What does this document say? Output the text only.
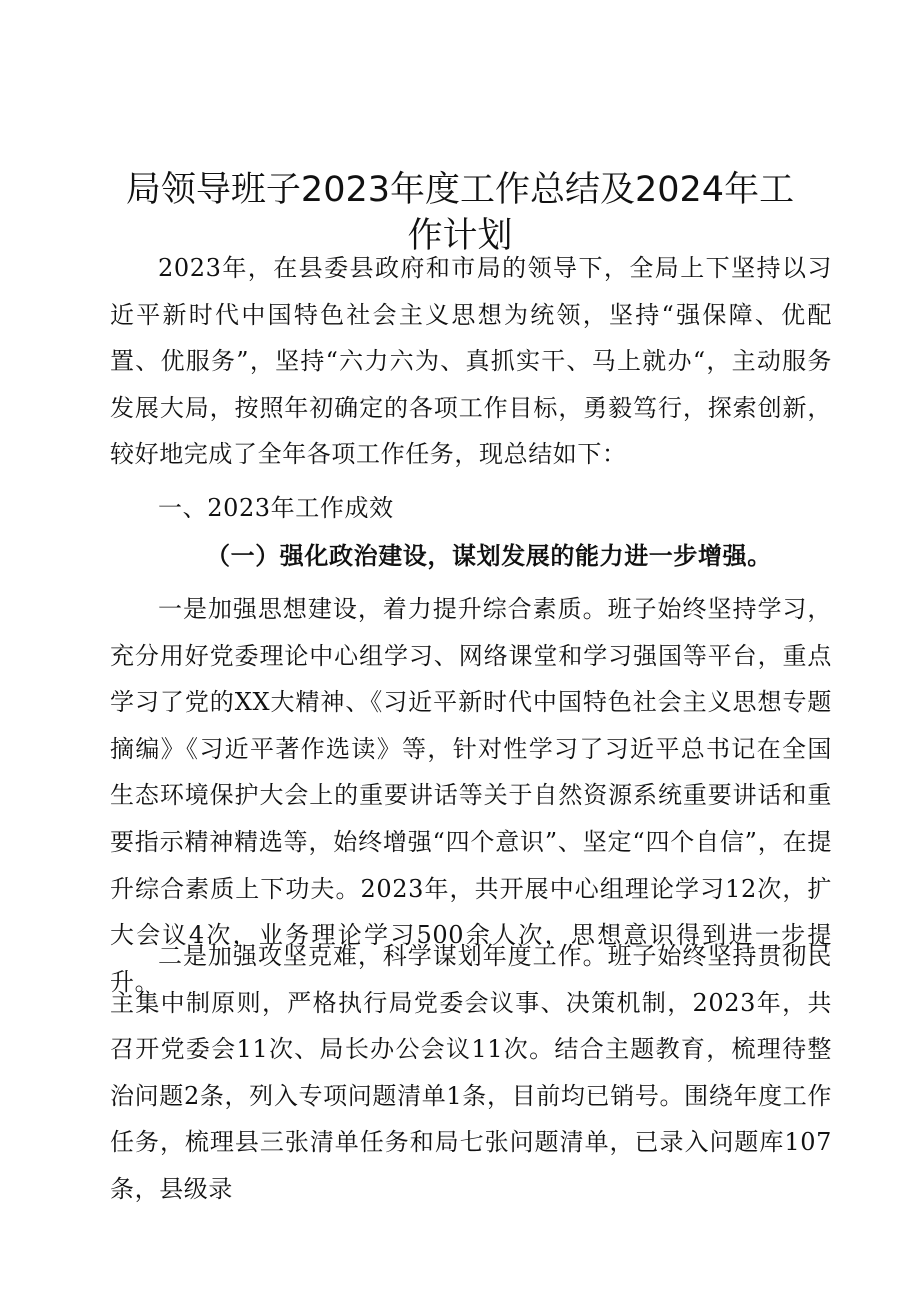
局领导班子2023年度工作总结及2024年工
作计划

2023年，在县委县政府和市局的领导下，全局上下坚持以习近平新时代中国特色社会主义思想为统领，坚持“强保障、优配置、优服务”，坚持“六力六为、真抓实干、马上就办“，主动服务发展大局，按照年初确定的各项工作目标，勇毅笃行，探索创新，较好地完成了全年各项工作任务，现总结如下：

一、2023年工作成效
（一）强化政治建设，谋划发展的能力进一步增强。

一是加强思想建设，着力提升综合素质。班子始终坚持学习，充分用好党委理论中心组学习、网络课堂和学习强国等平台，重点学习了党的XX大精神、《习近平新时代中国特色社会主义思想专题摘编》《习近平著作选读》等，针对性学习了习近平总书记在全国生态环境保护大会上的重要讲话等关于自然资源系统重要讲话和重要指示精神精选等，始终增强“四个意识”、坚定“四个自信”，在提升综合素质上下功夫。2023年，共开展中心组理论学习12次，扩大会议4次，业务理论学习500余人次，思想意识得到进一步提升。

二是加强攻坚克难，科学谋划年度工作。班子始终坚持贯彻民主集中制原则，严格执行局党委会议事、决策机制，2023年，共召开党委会11次、局长办公会议11次。结合主题教育，梳理待整治问题2条，列入专项问题清单1条，目前均已销号。围绕年度工作任务，梳理县三张清单任务和局七张问题清单，已录入问题库107条，县级录
